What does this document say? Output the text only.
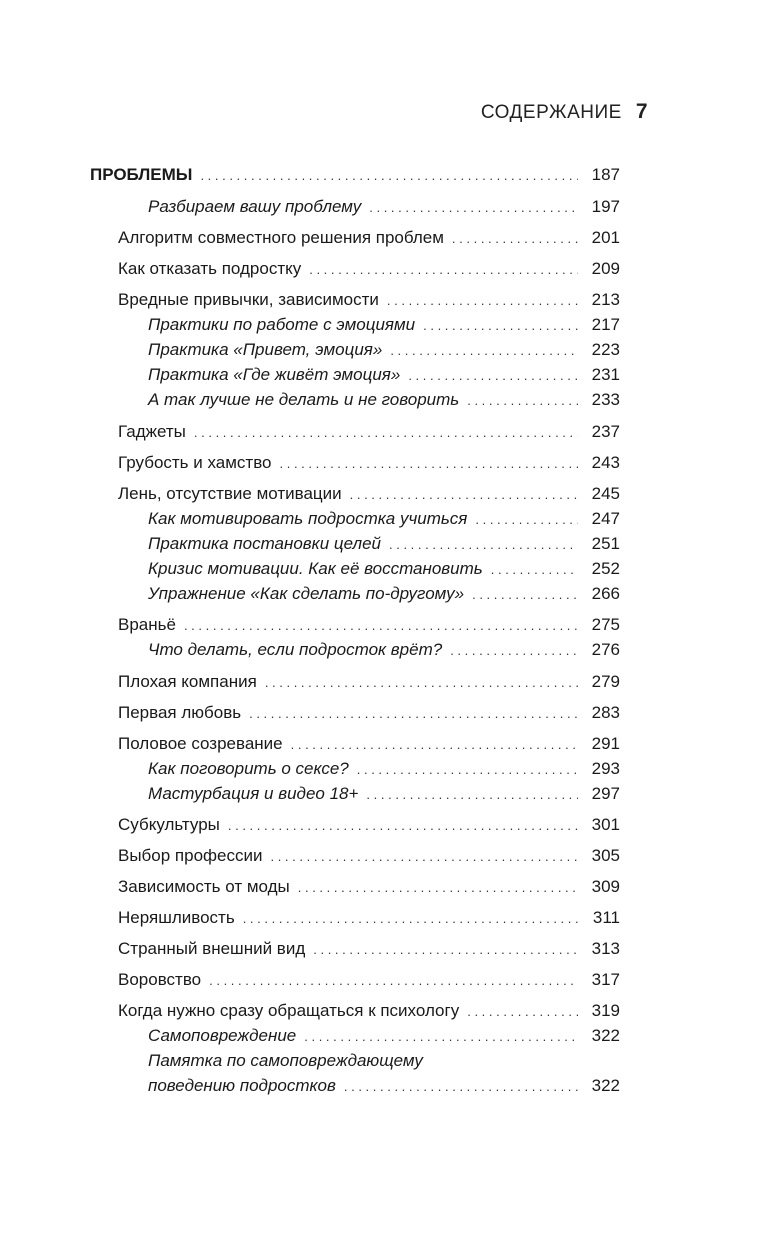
СОДЕРЖАНИЕ 7
ПРОБЛЕМЫ . . .	187
Разбираем вашу проблему . . .	197
Алгоритм совместного решения проблем . . .	201
Как отказать подростку . . .	209
Вредные привычки, зависимости . . .	213
Практики по работе с эмоциями . . .	217
Практика «Привет, эмоция» . . .	223
Практика «Где живёт эмоция» . . .	231
А так лучше не делать и не говорить . . .	233
Гаджеты . . .	237
Грубость и хамство . . .	243
Лень, отсутствие мотивации . . .	245
Как мотивировать подростка учиться . . .	247
Практика постановки целей . . .	251
Кризис мотивации. Как её восстановить . . .	252
Упражнение «Как сделать по-другому» . . .	266
Враньё . . .	275
Что делать, если подросток врёт? . . .	276
Плохая компания . . .	279
Первая любовь . . .	283
Половое созревание . . .	291
Как поговорить о сексе? . . .	293
Мастурбация и видео 18+ . . .	297
Субкультуры . . .	301
Выбор профессии . . .	305
Зависимость от моды . . .	309
Неряшливость . . .	311
Странный внешний вид . . .	313
Воровство . . .	317
Когда нужно сразу обращаться к психологу . . .	319
Самоповреждение . . .	322
Памятка по самоповреждающему
поведению подростков . . .	322
